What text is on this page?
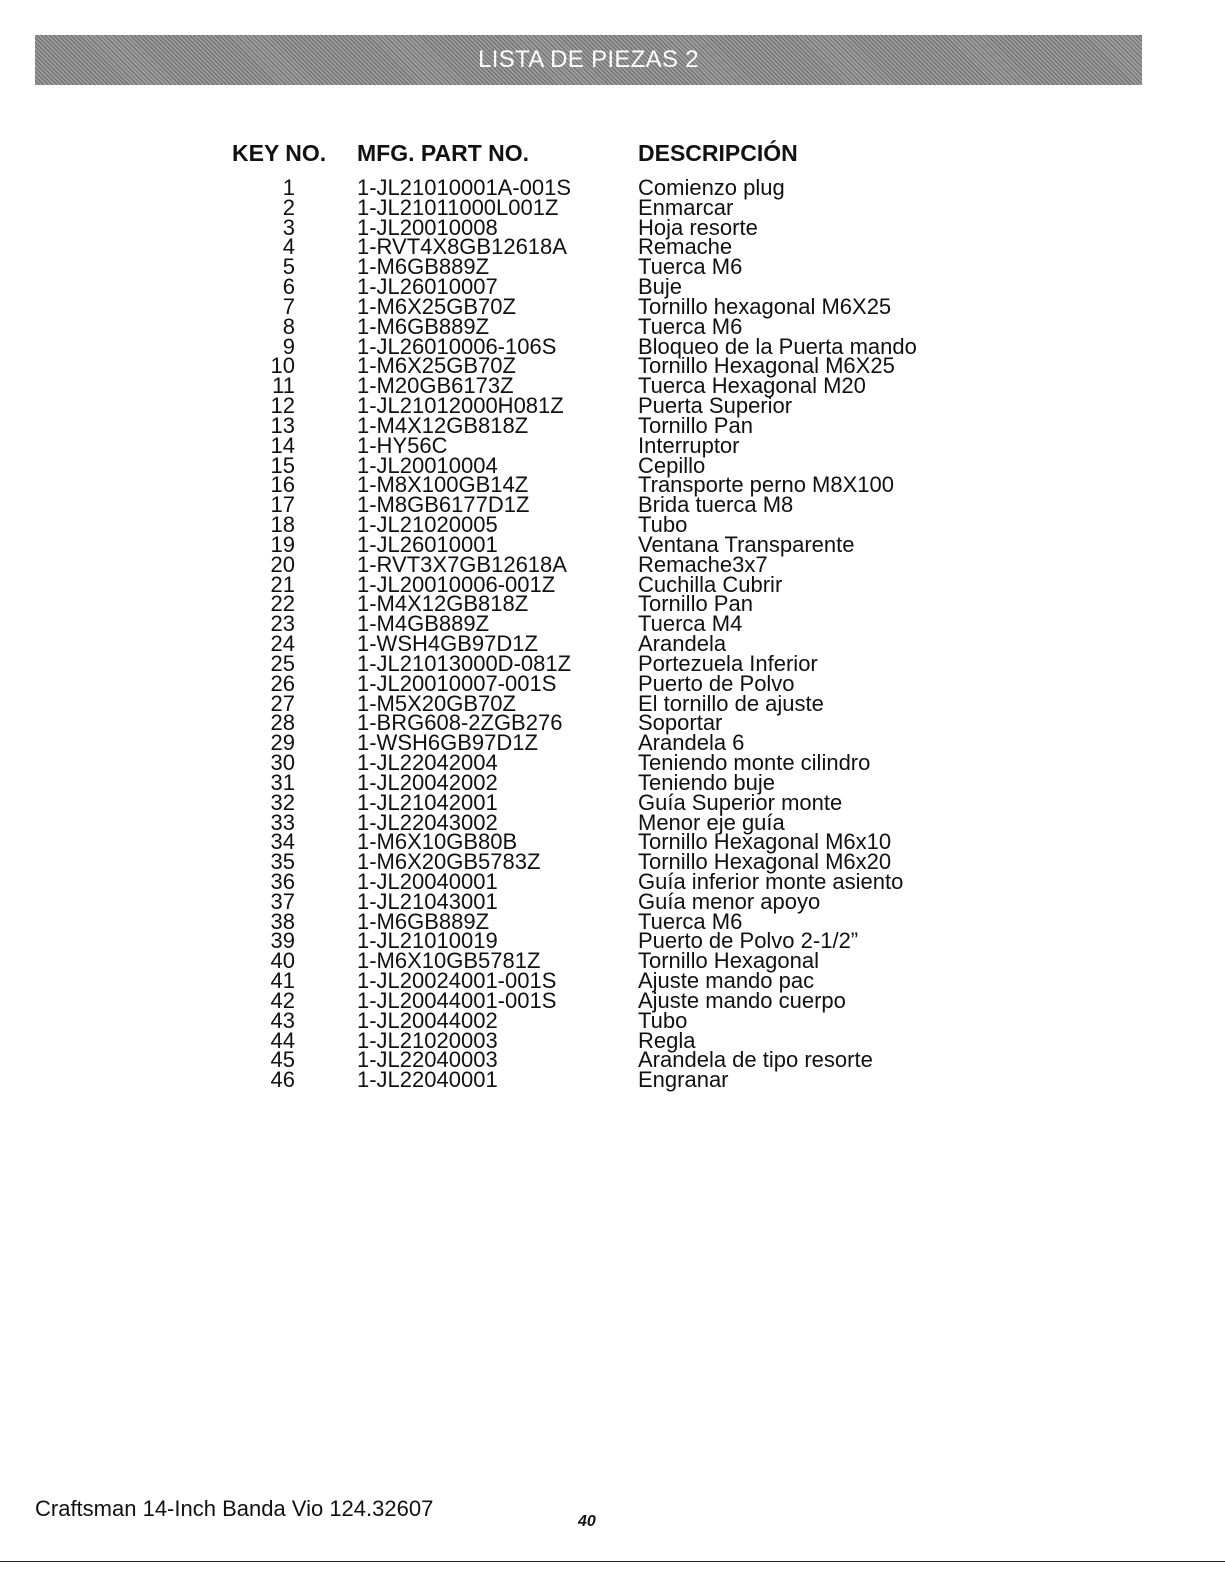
LISTA DE PIEZAS 2
KEY NO. MFG. PART NO.	DESCRIPCIÓN
1
2
3
4
5
6
7
8
9
10
11
12
13
14
15
16
17
18
19
20
21
22
23
24
25
26
27
28
29
30
31
32
33
34
35
36
37
38
39
40
41
42
43
44
45
46
1-JL21010001A-001S
1-JL21011000L001Z
1-JL20010008
1-RVT4X8GB12618A
1-M6GB889Z
1-JL26010007
1-M6X25GB70Z
1-M6GB889Z
1-JL26010006-106S
1-M6X25GB70Z
1-M20GB6173Z
1-JL21012000H081Z
1-M4X12GB818Z
1-HY56C
1-JL20010004
1-M8X100GB14Z
1-M8GB6177D1Z
1-JL21020005
1-JL26010001
1-RVT3X7GB12618A
1-JL20010006-001Z
1-M4X12GB818Z
1-M4GB889Z
1-WSH4GB97D1Z
1-JL21013000D-081Z
1-JL20010007-001S
1-M5X20GB70Z
1-BRG608-2ZGB276
1-WSH6GB97D1Z
1-JL22042004
1-JL20042002
1-JL21042001
1-JL22043002
1-M6X10GB80B
1-M6X20GB5783Z
1-JL20040001
1-JL21043001
1-M6GB889Z
1-JL21010019
1-M6X10GB5781Z
1-JL20024001-001S
1-JL20044001-001S
1-JL20044002
1-JL21020003
1-JL22040003
1-JL22040001
Comienzo plug
Enmarcar
Hoja resorte
Remache
Tuerca M6
Buje
Tornillo hexagonal M6X25
Tuerca M6
Bloqueo de la Puerta mando
Tornillo Hexagonal M6X25
Tuerca Hexagonal M20
Puerta Superior
Tornillo Pan
Interruptor
Cepillo
Transporte perno M8X100
Brida tuerca M8
Tubo
Ventana Transparente
Remache3x7
Cuchilla Cubrir
Tornillo Pan
Tuerca M4
Arandela
Portezuela Inferior
Puerto de Polvo
El tornillo de ajuste
Soportar
Arandela 6
Teniendo monte cilindro
Teniendo buje
Guía Superior monte
Menor eje guía
Tornillo Hexagonal M6x10
Tornillo Hexagonal M6x20
Guía inferior monte asiento
Guía menor apoyo
Tuerca M6
Puerto de Polvo 2-1/2”
Tornillo Hexagonal
Ajuste mando pac
Ajuste mando cuerpo
Tubo
Regla
Arandela de tipo resorte
Engranar
Craftsman 14-Inch Banda Vio 124.32607
40
